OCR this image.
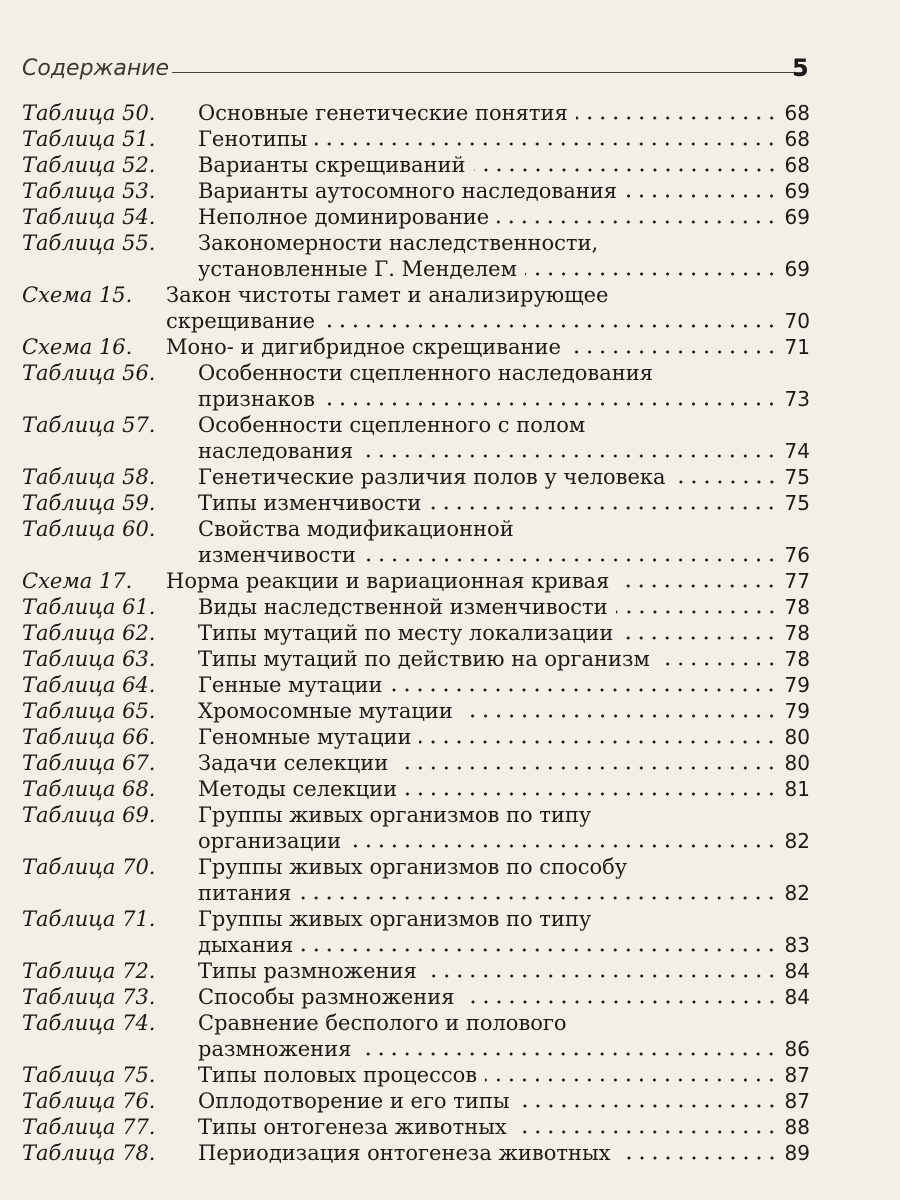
Содержание	5
Таблица 50. Основные генетические понятия	68
Таблица 51. Генотипы	68
Таблица 52. Варианты скрещиваний	68
Таблица 53. Варианты аутосомного наследования	69
Таблица 54. Неполное доминирование	69
Таблица 55. Закономерности наследственности,
установленные Г. Менделем	69
Схема 15. Закон чистоты гамет и анализирующее
скрещивание	70
Схема 16. Моно- и дигибридное скрещивание	71
Таблица 56. Особенности сцепленного наследования
признаков	73
Таблица 57. Особенности сцепленного с полом
наследования	74
Таблица 58. Генетические различия полов у человека	75
Таблица 59. Типы изменчивости	75
Таблица 60. Свойства модификационной
изменчивости	76
Схема 17. Норма реакции и вариационная кривая	77
Таблица 61. Виды наследственной изменчивости	78
Таблица 62. Типы мутаций по месту локализации	78
Таблица 63. Типы мутаций по действию на организм	78
Таблица 64. Генные мутации	79
Таблица 65. Хромосомные мутации	79
Таблица 66. Геномные мутации	80
Таблица 67. Задачи селекции	80
Таблица 68. Методы селекции	81
Таблица 69. Группы живых организмов по типу
организации	82
Таблица 70. Группы живых организмов по способу
питания	82
Таблица 71. Группы живых организмов по типу
дыхания	83
Таблица 72. Типы размножения	84
Таблица 73. Способы размножения	84
Таблица 74. Сравнение бесполого и полового
размножения	86
Таблица 75. Типы половых процессов	87
Таблица 76. Оплодотворение и его типы	87
Таблица 77. Типы онтогенеза животных	88
Таблица 78. Периодизация онтогенеза животных	89
